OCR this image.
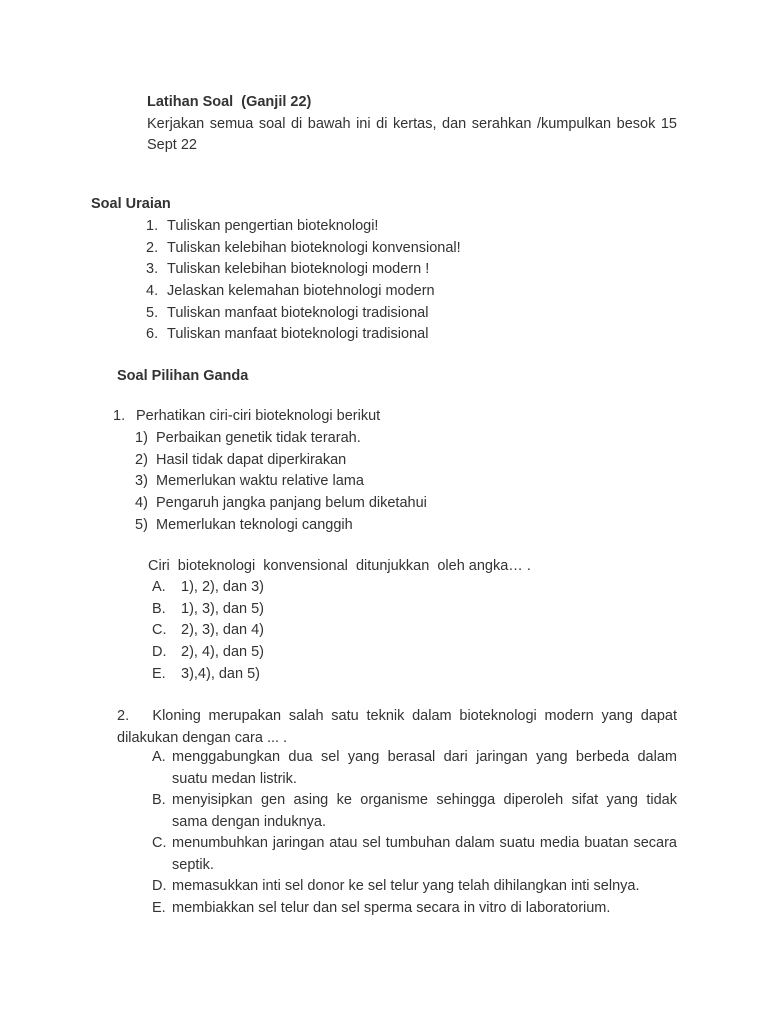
Latihan Soal  (Ganjil 22)
Kerjakan semua soal di bawah ini di kertas, dan serahkan /kumpulkan besok 15 Sept 22
Soal Uraian
1. Tuliskan pengertian bioteknologi!
2. Tuliskan kelebihan bioteknologi konvensional!
3. Tuliskan kelebihan bioteknologi modern !
4. Jelaskan kelemahan biotehnologi modern
5. Tuliskan manfaat bioteknologi tradisional
6. Tuliskan manfaat bioteknologi tradisional
Soal Pilihan Ganda
1. Perhatikan ciri-ciri bioteknologi berikut
1) Perbaikan genetik tidak terarah.
2) Hasil tidak dapat diperkirakan
3) Memerlukan waktu relative lama
4) Pengaruh jangka panjang belum diketahui
5) Memerlukan teknologi canggih
Ciri  bioteknologi  konvensional  ditunjukkan  oleh angka… .
A. 1), 2), dan 3)
B. 1), 3), dan 5)
C. 2), 3), dan 4)
D. 2), 4), dan 5)
E. 3),4), dan 5)
2. Kloning merupakan salah satu teknik dalam bioteknologi modern yang dapat dilakukan dengan cara ... .
A. menggabungkan dua sel yang berasal dari jaringan yang berbeda dalam suatu medan listrik.
B. menyisipkan gen asing ke organisme sehingga diperoleh sifat yang tidak sama dengan induknya.
C. menumbuhkan jaringan atau sel tumbuhan dalam suatu media buatan secara septik.
D. memasukkan inti sel donor ke sel telur yang telah dihilangkan inti selnya.
E. membiakkan sel telur dan sel sperma secara in vitro di laboratorium.
